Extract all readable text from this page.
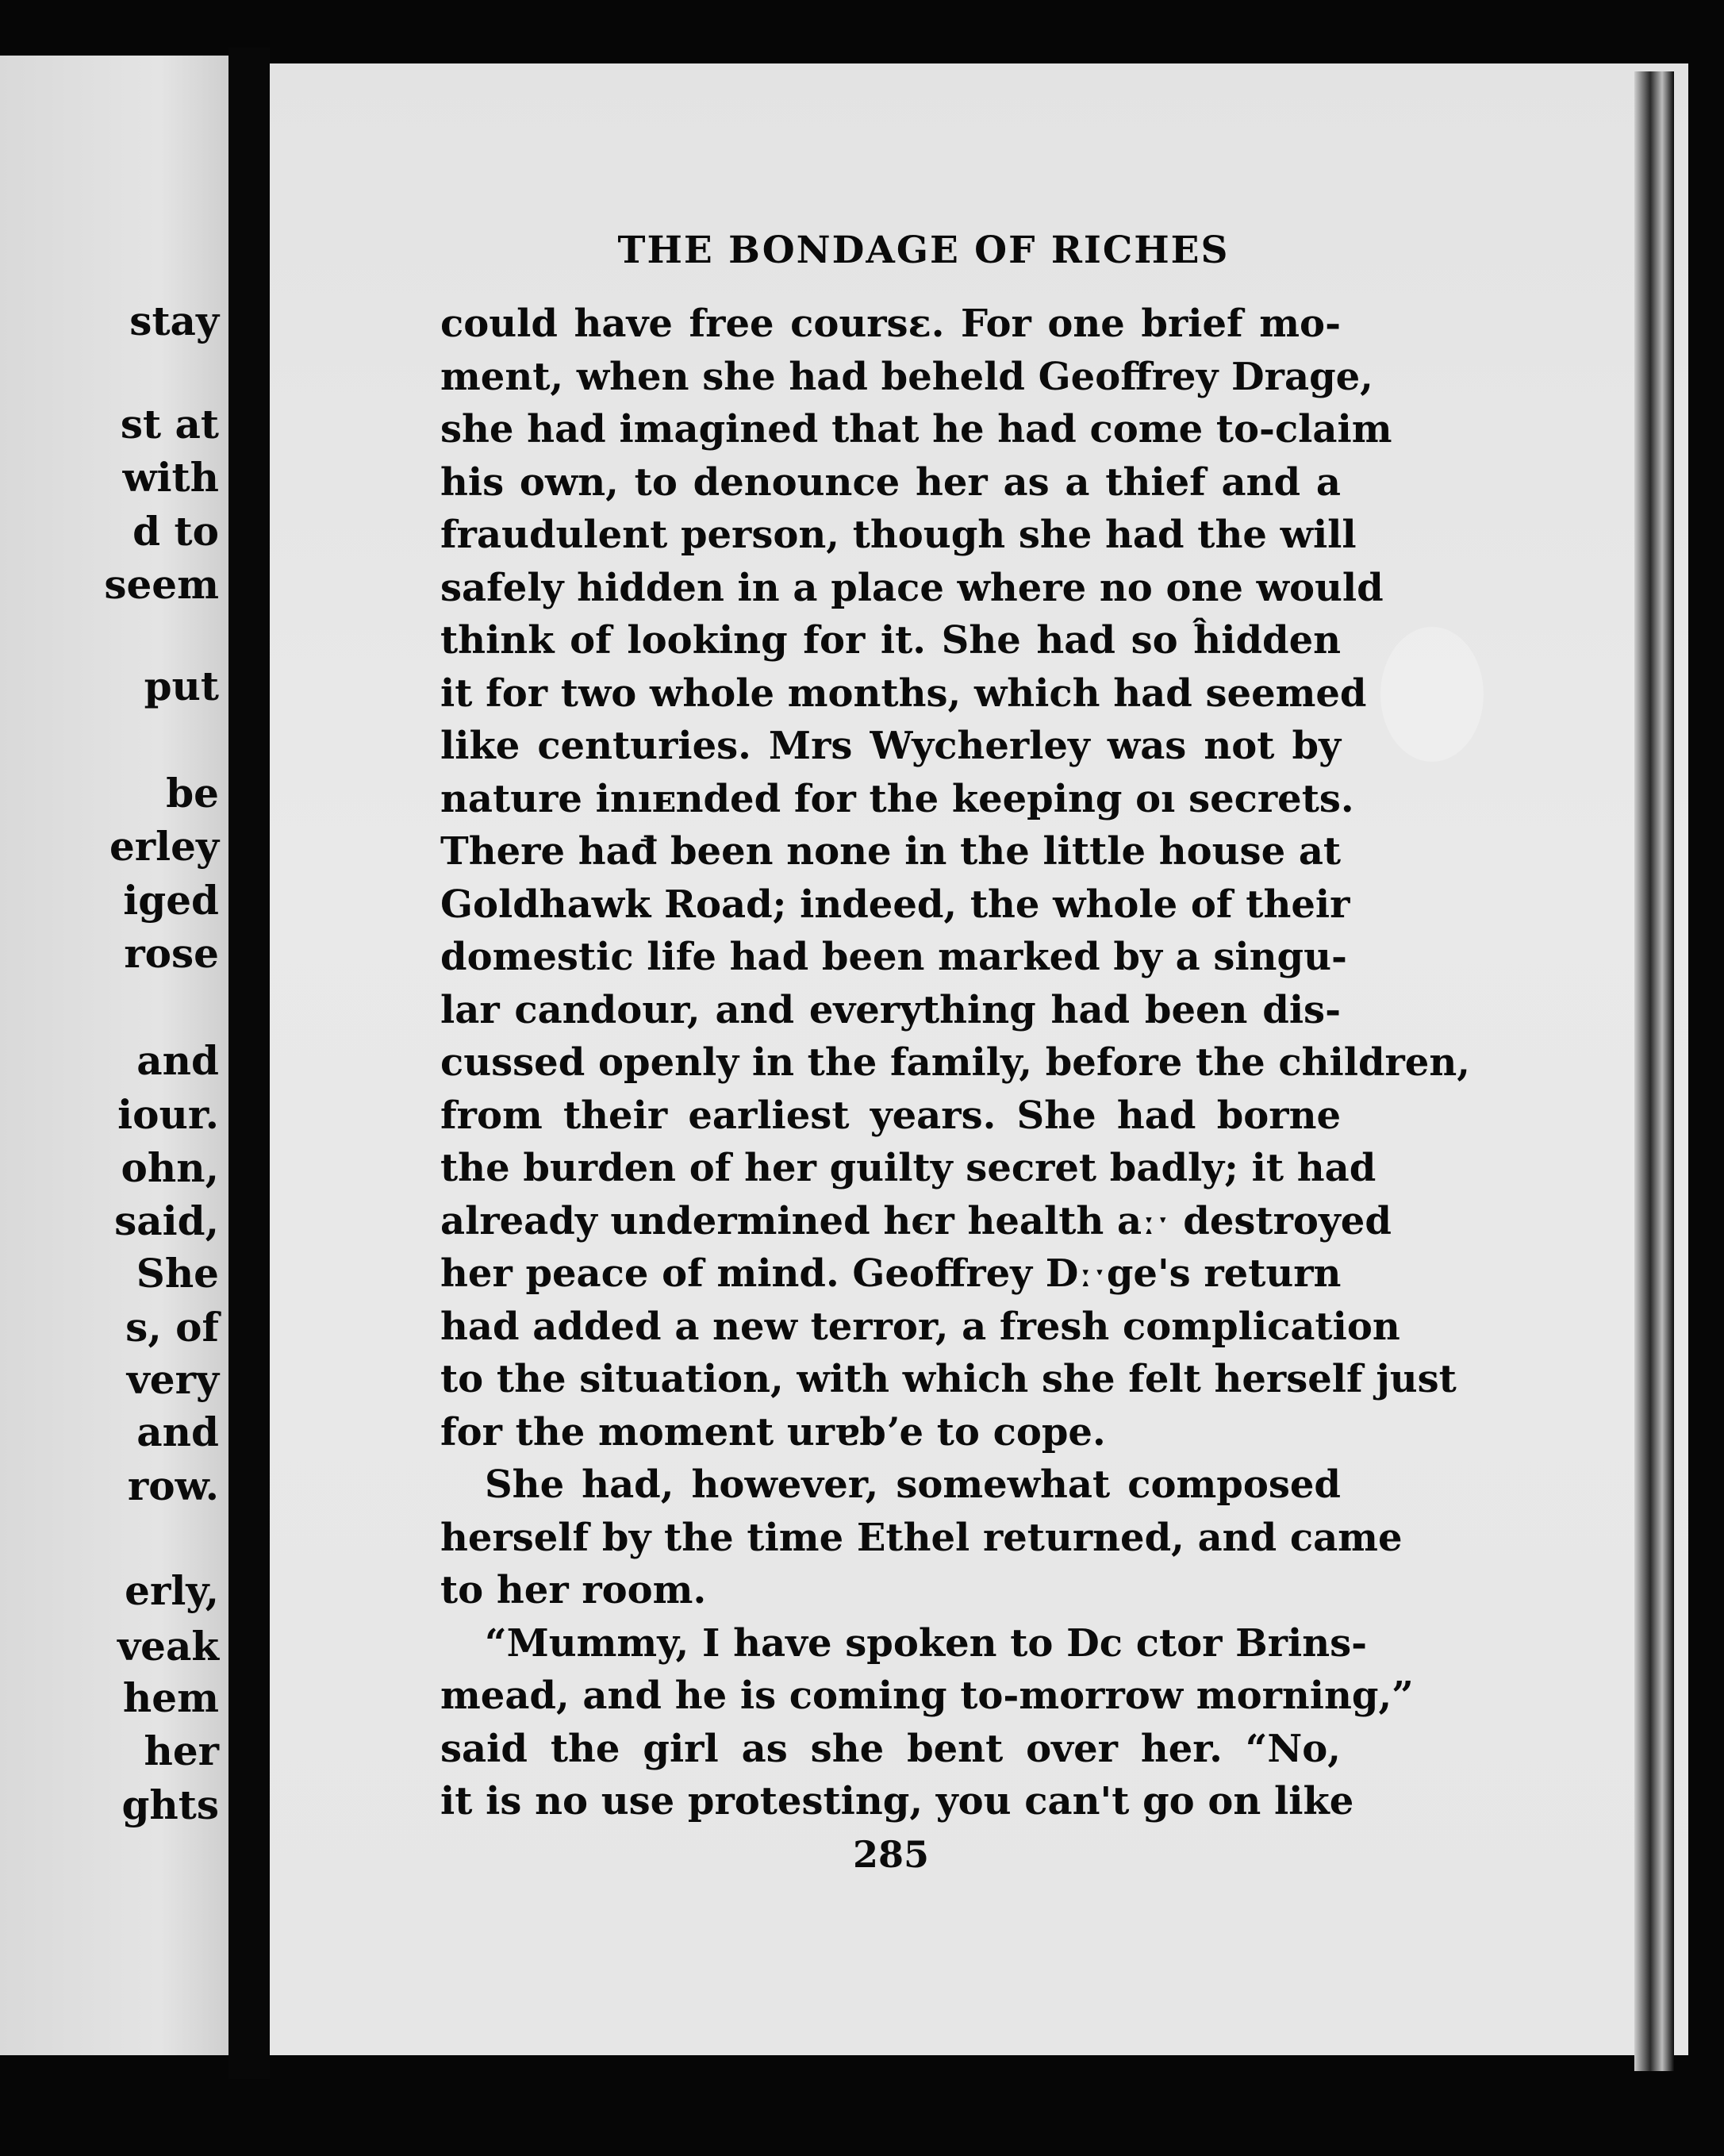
stay
st at
with
d to
seem
put
be
erley
iged
rose
and
iour.
ohn,
said,
She
s, of
very
and
row.
erly,
veak
hem
her
ghts
THE BONDAGE OF RICHES
could have free coursɛ. For one brief mo-
ment, when she had beheld Geoffrey Drage,
she had imagined that he had come to-claim
his own, to denounce her as a thief and a
fraudulent person, though she had the will
safely hidden in a place where no one would
think of looking for it. She had so ĥidden
it for two whole months, which had seemed
like centuries. Mrs Wycherley was not by
nature inıᴇnded for the keeping oı secrets.
There hađ been none in the little house at
Goldhawk Road; indeed, the whole of their
domestic life had been marked by a singu-
lar candour, and everything had been dis-
cussed openly in the family, before the children,
from their earliest years. She had borne
the burden of her guilty secret badly; it had
already undermined hєr health aːˑ destroyed
her peace of mind. Geoffrey Dːˑge's return
had added a new terror, a fresh complication
to the situation, with which ѕhe felt herself just
for the moment urɐbʼe to cope.
She had, however, somewhat composed
herself by the time Ethel returned, and came
to her room.
“Mummy, I have spoken to Dc ctor Brins-
mead, and he is coming to-morrow morning,”
said the girl as she bent over her. “No,
it is no use protesting, you can't go on like
285
